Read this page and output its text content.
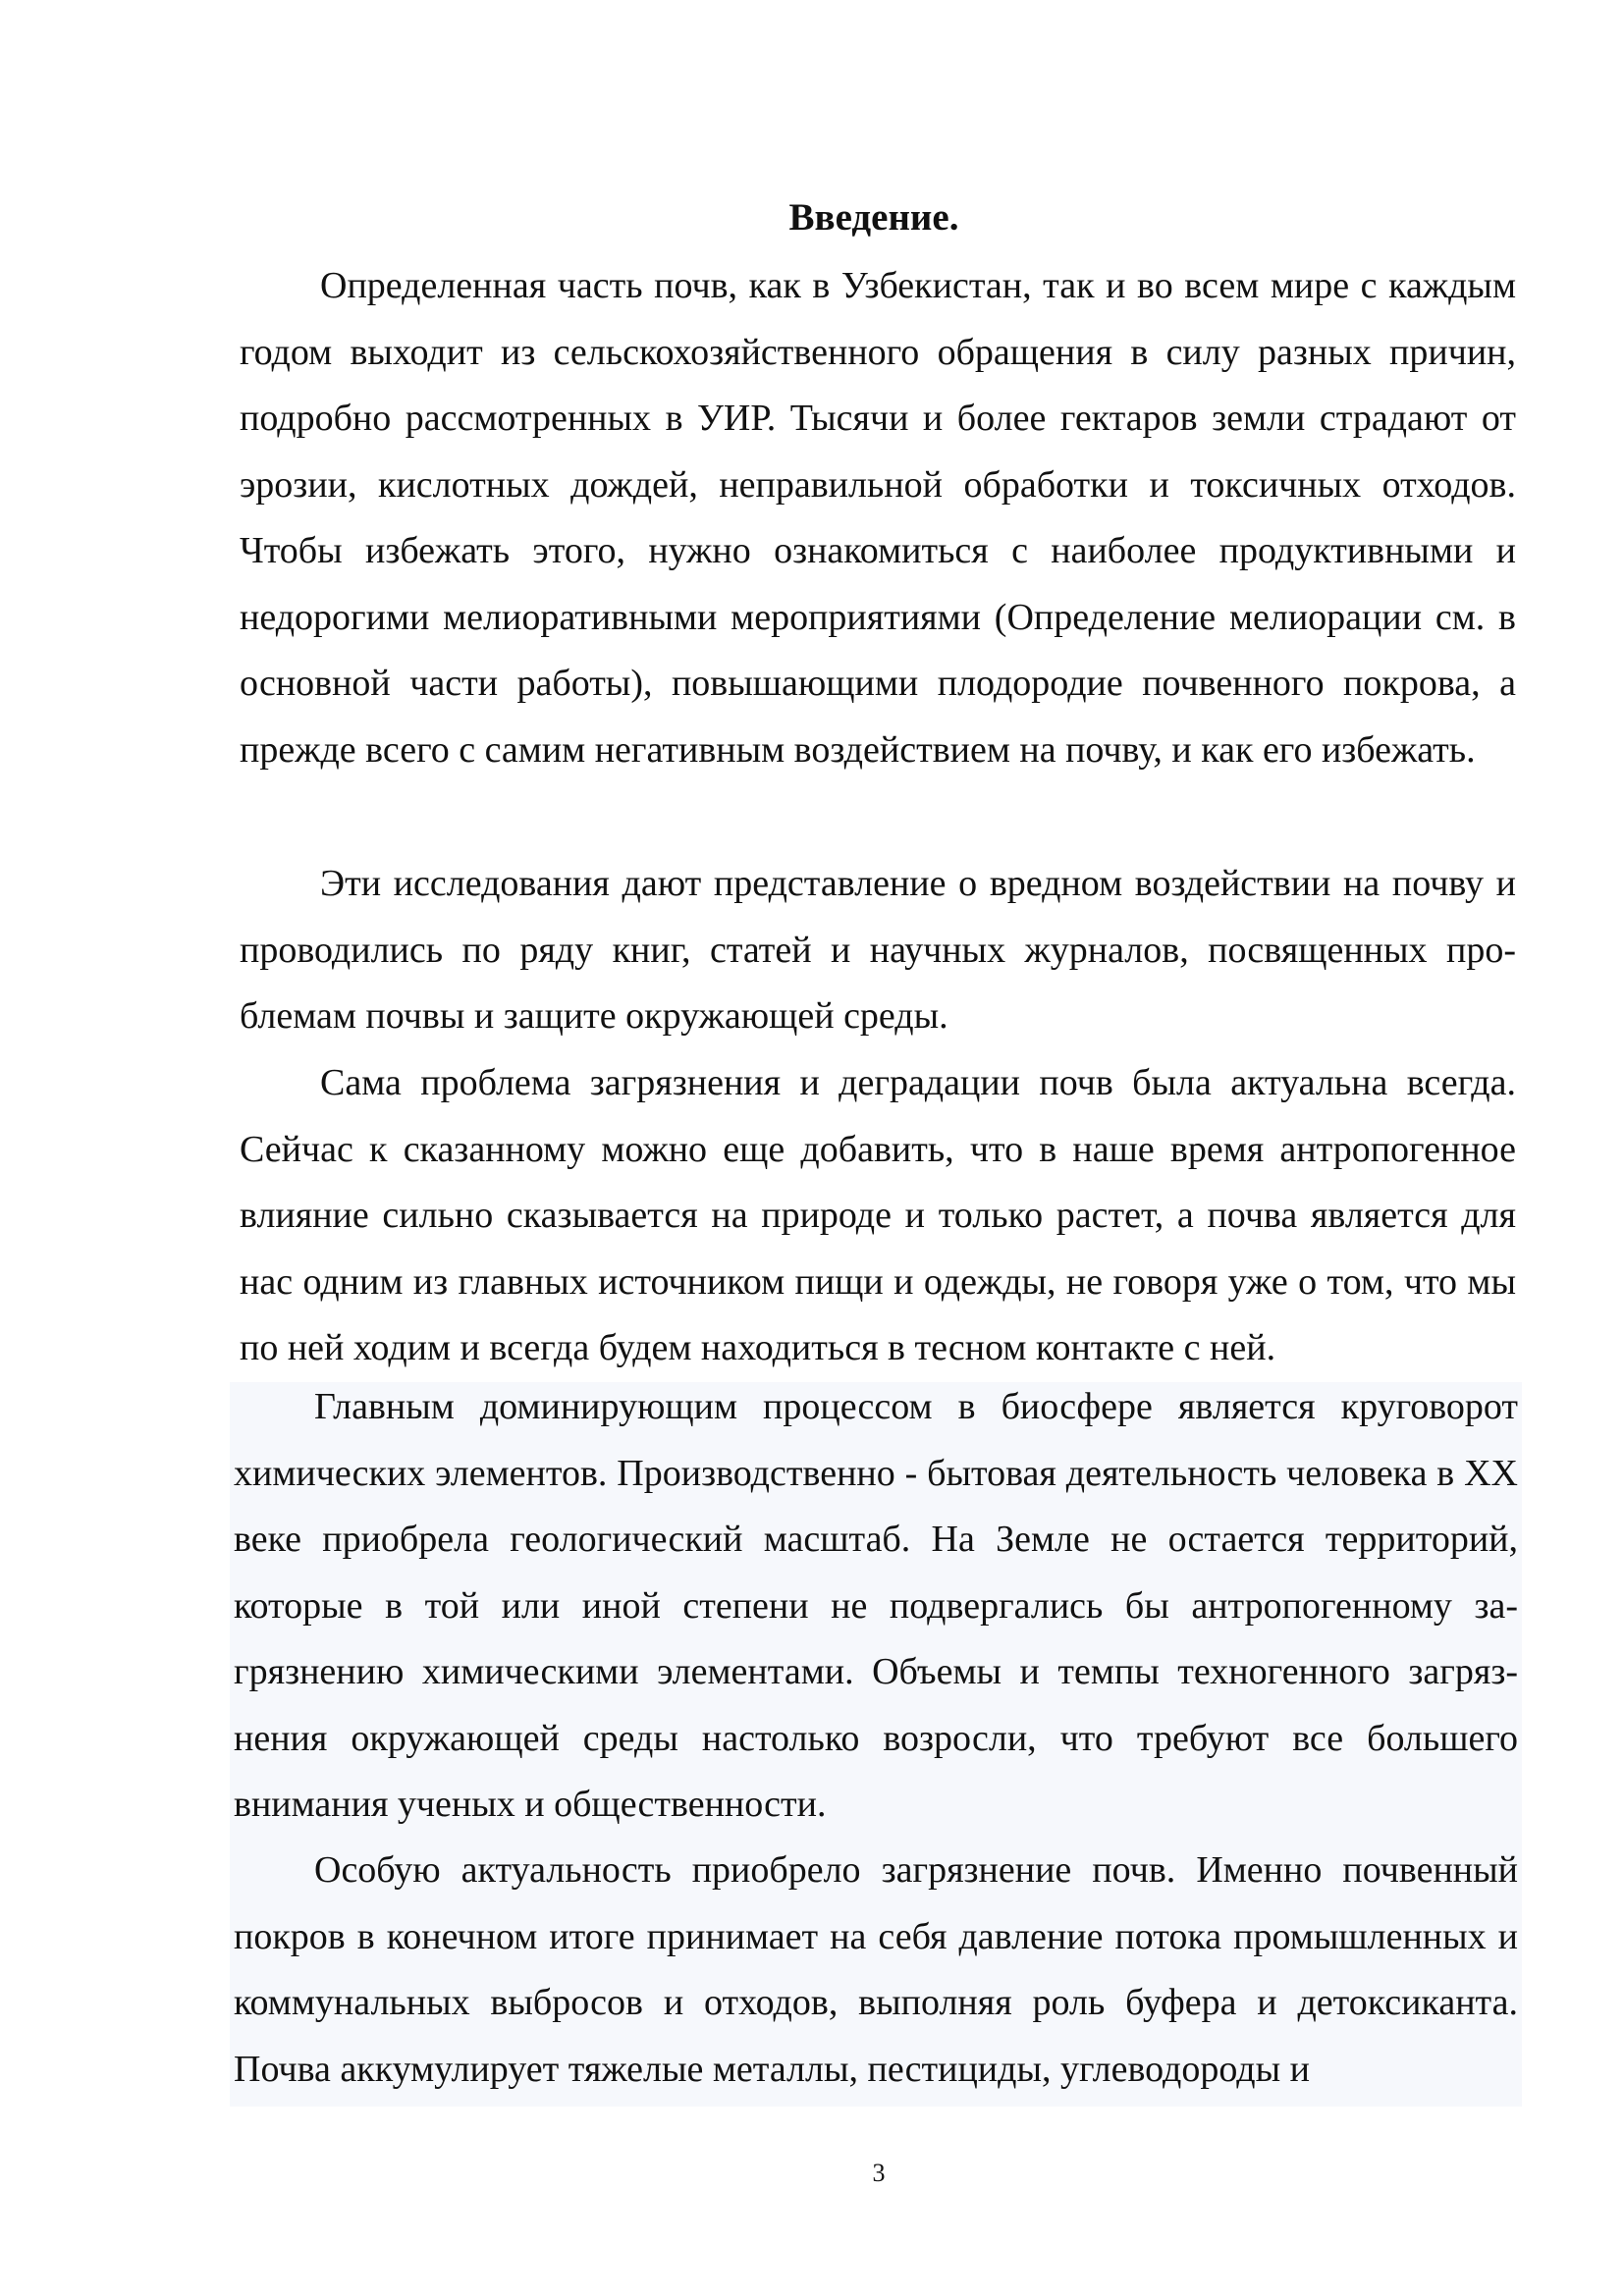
Введение.

Определенная часть почв, как в Узбекистан, так и во всем мире с каждым годом выходит из сельскохозяйственного обращения в силу разных причин, подробно рассмотренных в УИР. Тысячи и более гектаров земли страдают от эрозии, кислотных дождей, неправильной обработки и токсичных отходов. Чтобы избежать этого, нужно ознакомиться с наиболее продуктивными и недорогими мелиоративными мероприятиями (Определение мелиорации см. в основной части работы), повышающими плодородие почвенного покрова, а прежде всего с самим негативным воздействием на почву, и как его избежать.

Эти исследования дают представление о вредном воздействии на почву и проводились по ряду книг, статей и научных журналов, посвященных проблемам почвы и защите окружающей среды.

Сама проблема загрязнения и деградации почв была актуальна всегда. Сейчас к сказанному можно еще добавить, что в наше время антропогенное влияние сильно сказывается на природе и только растет, а почва является для нас одним из главных источником пищи и одежды, не говоря уже о том, что мы по ней ходим и всегда будем находиться в тесном контакте с ней.

Главным доминирующим процессом в биосфере является круговорот химических элементов. Производственно - бытовая деятельность человека в XX веке приобрела геологический масштаб. На Земле не остается территорий, которые в той или иной степени не подвергались бы антропогенному загрязнению химическими элементами. Объемы и темпы техногенного загрязнения окружающей среды настолько возросли, что требуют все большего внимания ученых и общественности.

Особую актуальность приобрело загрязнение почв. Именно почвенный покров в конечном итоге принимает на себя давление потока промышленных и коммунальных выбросов и отходов, выполняя роль буфера и детоксиканта. Почва аккумулирует тяжелые металлы, пестициды, углеводороды и

3
